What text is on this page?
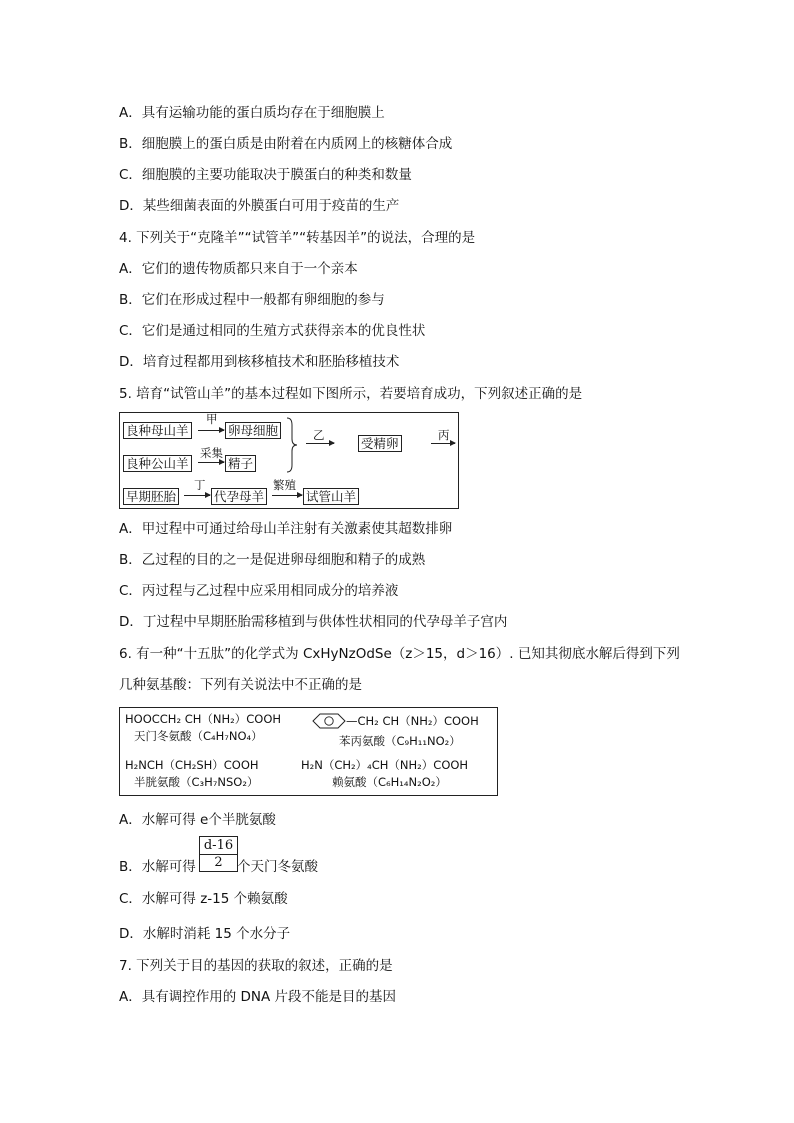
A．具有运输功能的蛋白质均存在于细胞膜上
B．细胞膜上的蛋白质是由附着在内质网上的核糖体合成
C．细胞膜的主要功能取决于膜蛋白的种类和数量
D．某些细菌表面的外膜蛋白可用于疫苗的生产
4. 下列关于“克隆羊”“试管羊”“转基因羊”的说法，合理的是
A．它们的遗传物质都只来自于一个亲本
B．它们在形成过程中一般都有卵细胞的参与
C．它们是通过相同的生殖方式获得亲本的优良性状
D．培育过程都用到核移植技术和胚胎移植技术
5. 培育“试管山羊”的基本过程如下图所示，若要培育成功，下列叙述正确的是
良种母山羊
甲
卵母细胞
良种公山羊
采集
精子
乙
受精卵
丙
早期胚胎
丁
代孕母羊
繁殖
试管山羊
A．甲过程中可通过给母山羊注射有关激素使其超数排卵
B．乙过程的目的之一是促进卵母细胞和精子的成熟
C．丙过程与乙过程中应采用相同成分的培养液
D．丁过程中早期胚胎需移植到与供体性状相同的代孕母羊子宫内
6. 有一种“十五肽”的化学式为 CxHyNzOdSe（z＞15，d＞16）. 已知其彻底水解后得到下列
几种氨基酸：下列有关说法中不正确的是
HOOCCH₂ CH（NH₂）COOH
天门冬氨酸（C₄H₇NO₄）
—CH₂ CH（NH₂）COOH
苯丙氨酸（C₉H₁₁NO₂）
H₂NCH（CH₂SH）COOH
半胱氨酸（C₃H₇NSO₂）
H₂N（CH₂）₄CH（NH₂）COOH
赖氨酸（C₆H₁₄N₂O₂）
A．水解可得 e个半胱氨酸
B．水解可得 $\frac{d-16}{2}$ 个天门冬氨酸
C．水解可得 z-15 个赖氨酸
D．水解时消耗 15 个水分子
7. 下列关于目的基因的获取的叙述，正确的是
A．具有调控作用的 DNA 片段不能是目的基因
